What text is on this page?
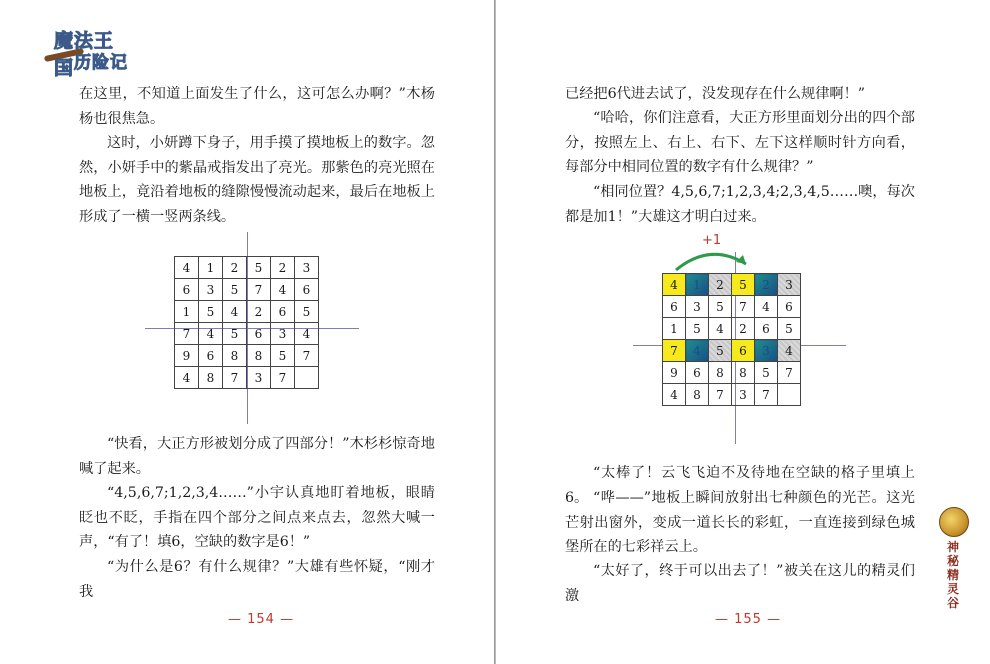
魔法王国 历险记

在这里，不知道上面发生了什么，这可怎么办啊？”木杨杨也很焦急。

这时，小妍蹲下身子，用手摸了摸地板上的数字。忽然，小妍手中的紫晶戒指发出了亮光。那紫色的亮光照在地板上，竟沿着地板的缝隙慢慢流动起来，最后在地板上形成了一横一竖两条线。

4	1	2	5	2	3
6	3	5	7	4	6
1	5	4	2	6	5
7	4	5	6	3	4
9	6	8	8	5	7
4	8	7	3	7	

“快看，大正方形被划分成了四部分！”木杉杉惊奇地喊了起来。

“4,5,6,7;1,2,3,4……”小宇认真地盯着地板，眼睛眨也不眨，手指在四个部分之间点来点去，忽然大喊一声，“有了！填6，空缺的数字是6！”

“为什么是6？有什么规律？”大雄有些怀疑，“刚才我

— 154 —

已经把6代进去试了，没发现存在什么规律啊！”

“哈哈，你们注意看，大正方形里面划分出的四个部分，按照左上、右上、右下、左下这样顺时针方向看，每部分中相同位置的数字有什么规律？”

“相同位置？4,5,6,7;1,2,3,4;2,3,4,5……噢，每次都是加1！”大雄这才明白过来。

“太棒了！云飞飞迫不及待地在空缺的格子里填上6。 “哗——”地板上瞬间放射出七种颜色的光芒。这光芒射出窗外，变成一道长长的彩虹，一直连接到绿色城堡所在的七彩祥云上。

“太好了，终于可以出去了！”被关在这儿的精灵们激

— 155 —
4	1	2	5	2	3
6	3	5	7	4	6
1	5	4	2	6	5
7	4	5	6	3	4
9	6	8	8	5	7
4	8	7	3	7	
+1
神秘精灵谷
